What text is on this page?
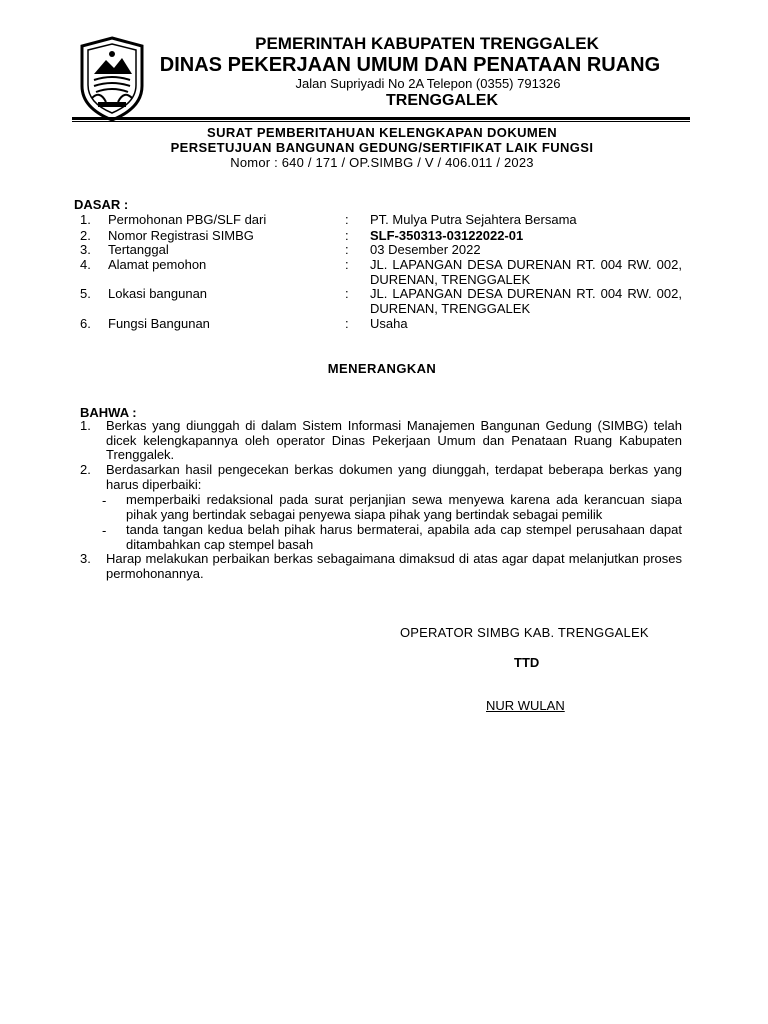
PEMERINTAH KABUPATEN TRENGGALEK
DINAS PEKERJAAN UMUM DAN PENATAAN RUANG
Jalan Supriyadi No 2A Telepon (0355) 791326
TRENGGALEK
SURAT PEMBERITAHUAN KELENGKAPAN DOKUMEN
PERSETUJUAN BANGUNAN GEDUNG/SERTIFIKAT LAIK FUNGSI
Nomor : 640 / 171 / OP.SIMBG / V / 406.011 / 2023
DASAR :
1.	Permohonan PBG/SLF dari	: PT. Mulya Putra Sejahtera Bersama
2.	Nomor Registrasi SIMBG	: SLF-350313-03122022-01
3.	Tertanggal	: 03 Desember 2022
4.	Alamat pemohon	: JL. LAPANGAN DESA DURENAN RT. 004 RW. 002, DURENAN, TRENGGALEK
5.	Lokasi bangunan	: JL. LAPANGAN DESA DURENAN RT. 004 RW. 002, DURENAN, TRENGGALEK
6.	Fungsi Bangunan	: Usaha
MENERANGKAN
BAHWA :
1. Berkas yang diunggah di dalam Sistem Informasi Manajemen Bangunan Gedung (SIMBG) telah dicek kelengkapannya oleh operator Dinas Pekerjaan Umum dan Penataan Ruang Kabupaten Trenggalek.
2. Berdasarkan hasil pengecekan berkas dokumen yang diunggah, terdapat beberapa berkas yang harus diperbaiki:
- memperbaiki redaksional pada surat perjanjian sewa menyewa karena ada kerancuan siapa pihak yang bertindak sebagai penyewa siapa pihak yang bertindak sebagai pemilik
- tanda tangan kedua belah pihak harus bermaterai, apabila ada cap stempel perusahaan dapat ditambahkan cap stempel basah
3. Harap melakukan perbaikan berkas sebagaimana dimaksud di atas agar dapat melanjutkan proses permohonannya.
OPERATOR SIMBG KAB. TRENGGALEK
TTD
NUR WULAN
